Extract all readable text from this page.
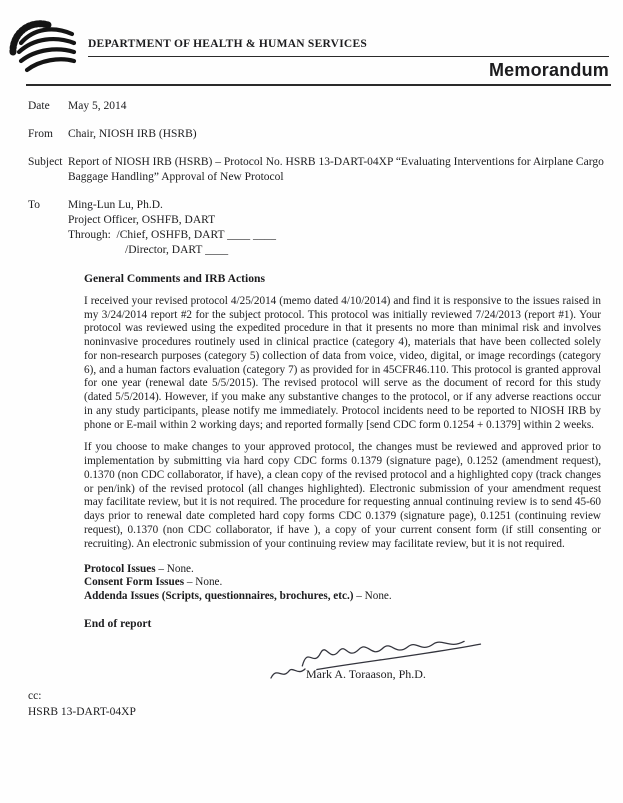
DEPARTMENT OF HEALTH & HUMAN SERVICES
Memorandum
Date	May 5, 2014
From	Chair, NIOSH IRB (HSRB)
Subject Report of NIOSH IRB (HSRB) – Protocol No. HSRB 13-DART-04XP “Evaluating Interventions for Airplane Cargo Baggage Handling” Approval of New Protocol
To	Ming-Lun Lu, Ph.D.
Project Officer, OSHFB, DART
Through:  /Chief, OSHFB, DART ____ ____
/Director, DART ____
General Comments and IRB Actions
I received your revised protocol 4/25/2014 (memo dated 4/10/2014) and find it is responsive to the issues raised in my 3/24/2014 report #2 for the subject protocol. This protocol was initially reviewed 7/24/2013 (report #1). Your protocol was reviewed using the expedited procedure in that it presents no more than minimal risk and involves noninvasive procedures routinely used in clinical practice (category 4), materials that have been collected solely for non-research purposes (category 5) collection of data from voice, video, digital, or image recordings (category 6), and a human factors evaluation (category 7) as provided for in 45CFR46.110. This protocol is granted approval for one year (renewal date 5/5/2015). The revised protocol will serve as the document of record for this study (dated 5/5/2014). However, if you make any substantive changes to the protocol, or if any adverse reactions occur in any study participants, please notify me immediately. Protocol incidents need to be reported to NIOSH IRB by phone or E-mail within 2 working days; and reported formally [send CDC form 0.1254 + 0.1379] within 2 weeks.
If you choose to make changes to your approved protocol, the changes must be reviewed and approved prior to implementation by submitting via hard copy CDC forms 0.1379 (signature page), 0.1252 (amendment request), 0.1370 (non CDC collaborator, if have), a clean copy of the revised protocol and a highlighted copy (track changes or pen/ink) of the revised protocol (all changes highlighted). Electronic submission of your amendment request may facilitate review, but it is not required. The procedure for requesting annual continuing review is to send 45-60 days prior to renewal date completed hard copy forms CDC 0.1379 (signature page), 0.1251 (continuing review request), 0.1370 (non CDC collaborator, if have ), a copy of your current consent form (if still consenting or recruiting). An electronic submission of your continuing review may facilitate review, but it is not required.
Protocol Issues – None.
Consent Form Issues – None.
Addenda Issues (Scripts, questionnaires, brochures, etc.) – None.
End of report
Mark A. Toraason, Ph.D.
cc:
HSRB 13-DART-04XP
